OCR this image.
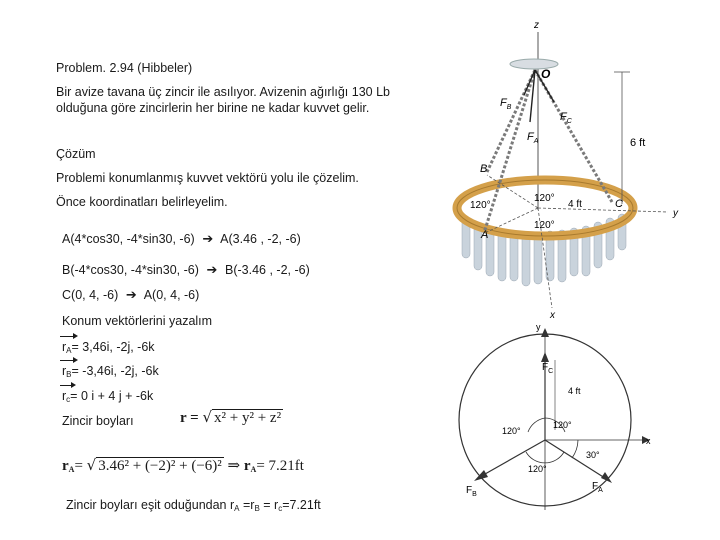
Problem. 2.94 (Hibbeler)
Bir avize tavana üç zincir ile asılıyor. Avizenin ağırlığı 130 Lb
olduğuna göre zincirlerin her birine ne kadar kuvvet gelir.
Çözüm
Problemi konumlanmış kuvvet vektörü yolu ile çözelim.
Önce koordinatları belirleyelim.
A(4*cos30, -4*sin30, -6)  ➔  A(3.46 , -2, -6)
B(-4*cos30, -4*sin30, -6)  ➔  B(-3.46 , -2, -6)
C(0, 4, -6)  ➔  A(0, 4, -6)
Konum vektörlerini yazalım
$r_A= 3,46i$, -2j, -6k
$r_B= -3,46i$, -2j, -6k
$r_c= 0$ i + 4 j + -6k
Zincir boyları	r = √ x² + y² + z²
$r_A=$ √ 3.46² + (−2)² + (−6)² ⇒ $r_A= 7.21ft$
Zincir boyları eşit oduğundan $r_A =r_B = r_c=7.21ft$
z
O
$F_B$
$F_C$
$F_A$	6 ft
y
x
B
C
A
120°
120°
120°
4 ft
y
x
$F_C$
$F_B$
$F_A$
4 ft
120°
120°
120°
30°
